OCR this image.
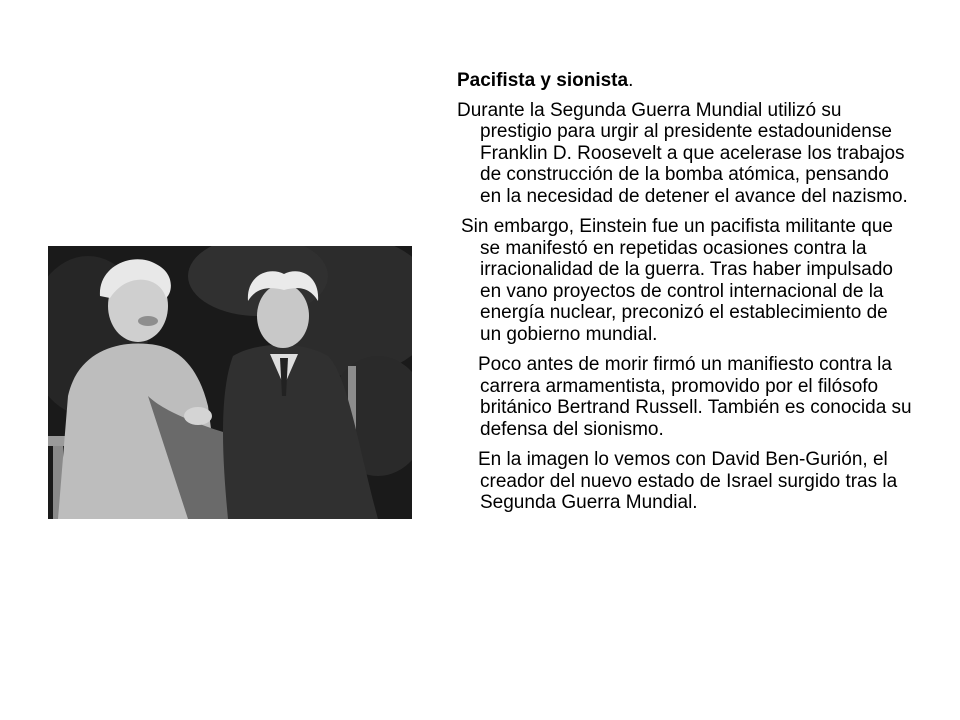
Pacifista y sionista.

Durante la Segunda Guerra Mundial utilizó su prestigio para urgir al presidente estadounidense Franklin D. Roosevelt a que acelerase los trabajos de construcción de la bomba atómica, pensando en la necesidad de detener el avance del nazismo.

Sin embargo, Einstein fue un pacifista militante que se manifestó en repetidas ocasiones contra la irracionalidad de la guerra. Tras haber impulsado en vano proyectos de control internacional de la energía nuclear, preconizó el establecimiento de un gobierno mundial.

Poco antes de morir firmó un manifiesto contra la carrera armamentista, promovido por el filósofo británico Bertrand Russell. También es conocida su defensa del sionismo.

En la imagen lo vemos con David Ben-Gurión, el creador del nuevo estado de Israel surgido tras la Segunda Guerra Mundial.
